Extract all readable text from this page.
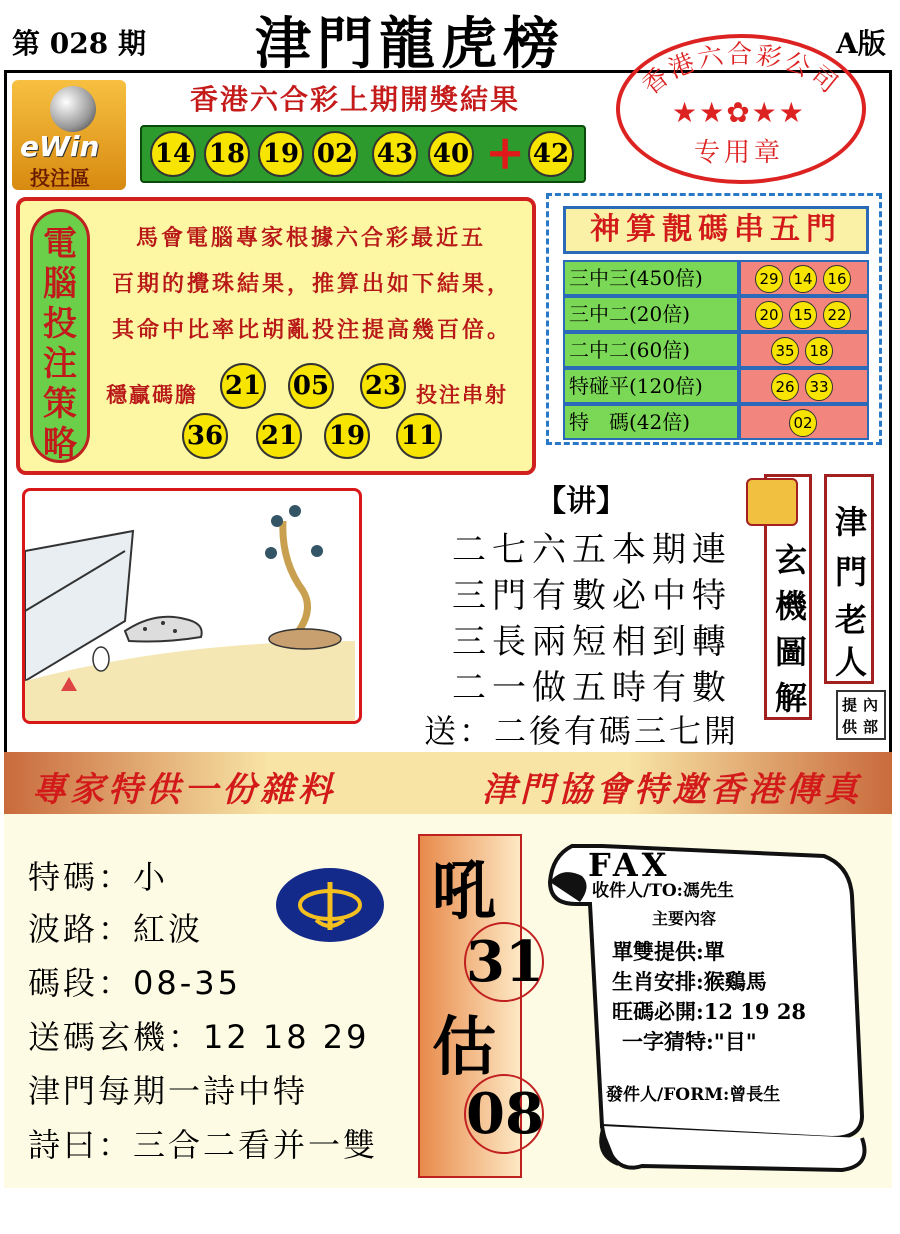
第 028 期 津門龍虎榜	A版
eWin
投注區
香港六合彩上期開獎結果
14 18 19 02 43 40 + 42
香港六合彩公司
★★✿★★
专用章
電
腦
投
注
策
略
馬會電腦專家根據六合彩最近五
百期的攪珠結果，推算出如下結果，
其命中比率比胡亂投注提高幾百倍。
穩贏碼膽 21 05 23 投注串射
36 21 19 11
神算靚碼串五門
三中三(450倍)	29 14 16
三中二(20倍)	20 15 22
二中二(60倍)	35 18
特碰平(120倍)	26 33
特　碼(42倍)	02
【讲】
二七六五本期連
三門有數必中特
三長兩短相到轉
二一做五時有數
送：二後有碼三七開
玄
機
圖
解
津
門
老
人
提
供
內
部
專家特供一份雜料	津門協會特邀香港傳真
特碼：小
波路：紅波
碼段：08-35
送碼玄機：12 18 29
津門每期一詩中特
詩曰：三合二看并一雙
吼
31
估
08
FAX
收件人/TO:馮先生
主要內容
單雙提供:單
生肖安排:猴鷄馬
旺碼必開:12 19 28
一字猜特:"目"
發件人/FORM:曾長生
